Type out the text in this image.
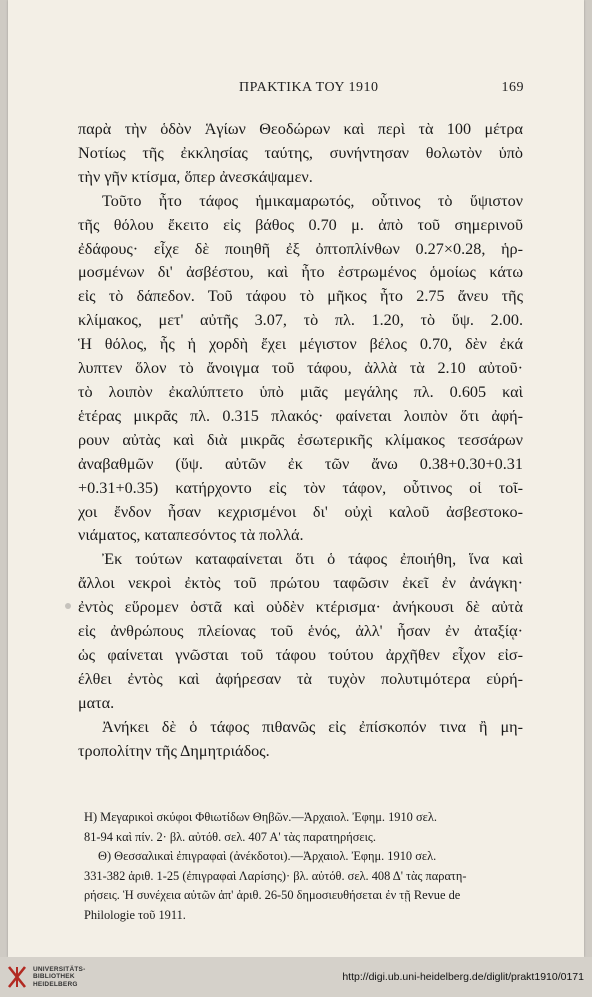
ΠΡΑΚΤΙΚΑ ΤΟΥ 1910	169
παρὰ τὴν ὁδὸν Ἁγίων Θεοδώρων καὶ περὶ τὰ 100 μέτρα
Νοτίως τῆς ἐκκλησίας ταύτης, συνήντησαν θολωτὸν ὑπὸ
τὴν γῆν κτίσμα, ὅπερ ἀνεσκάψαμεν.
Τοῦτο ἦτο τάφος ἡμικαμαρωτός, οὗτινος τὸ ὕψιστον
τῆς θόλου ἔκειτο εἰς βάθος 0.70 μ. ἀπὸ τοῦ σημερινοῦ
ἐδάφους· εἶχε δὲ ποιηθῆ ἐξ ὀπτοπλίνθων 0.27×0.28, ἡρ-
μοσμένων δι' ἀσβέστου, καὶ ἦτο ἐστρωμένος ὁμοίως κάτω
εἰς τὸ δάπεδον. Τοῦ τάφου τὸ μῆκος ἦτο 2.75 ἄνευ τῆς
κλίμακος, μετ' αὐτῆς 3.07, τὸ πλ. 1.20, τὸ ὕψ. 2.00.
Ἡ θόλος, ἧς ἡ χορδὴ ἔχει μέγιστον βέλος 0.70, δὲν ἐκά
λυπτεν ὅλον τὸ ἄνοιγμα τοῦ τάφου, ἀλλὰ τὰ 2.10 αὐτοῦ·
τὸ λοιπὸν ἐκαλύπτετο ὑπὸ μιᾶς μεγάλης πλ. 0.605 καὶ
ἑτέρας μικρᾶς πλ. 0.315 πλακός· φαίνεται λοιπὸν ὅτι ἀφή-
ρουν αὐτὰς καὶ διὰ μικρᾶς ἐσωτερικῆς κλίμακος τεσσάρων
ἀναβαθμῶν (ὕψ. αὐτῶν ἐκ τῶν ἄνω 0.38+0.30+0.31
+0.31+0.35) κατήρχοντο εἰς τὸν τάφον, οὗτινος οἱ τοῖ-
χοι ἔνδον ἦσαν κεχρισμένοι δι' οὐχὶ καλοῦ ἀσβεστοκο-
νιάματος, καταπεσόντος τὰ πολλά.
Ἐκ τούτων καταφαίνεται ὅτι ὁ τάφος ἐποιήθη, ἵνα καὶ
ἄλλοι νεκροὶ ἐκτὸς τοῦ πρώτου ταφῶσιν ἐκεῖ ἐν ἀνάγκη·
ἐντὸς εὕρομεν ὀστᾶ καὶ οὐδὲν κτέρισμα· ἀνήκουσι δὲ αὐτὰ
εἰς ἀνθρώπους πλείονας τοῦ ἑνός, ἀλλ' ἦσαν ἐν ἀταξίᾳ·
ὡς φαίνεται γνῶσται τοῦ τάφου τούτου ἀρχῆθεν εἶχον εἰσ-
έλθει ἐντὸς καὶ ἀφήρεσαν τὰ τυχὸν πολυτιμότερα εὑρή-
ματα.
Ἀνήκει δὲ ὁ τάφος πιθανῶς εἰς ἐπίσκοπόν τινα ἢ μη-
τροπολίτην τῆς Δημητριάδος.
Η) Μεγαρικοὶ σκύφοι Φθιωτίδων Θηβῶν.—Ἀρχαιολ. Ἐφημ. 1910 σελ.
81-94 καὶ πίν. 2· βλ. αὐτόθ. σελ. 407 Α' τὰς παρατηρήσεις.
Θ) Θεσσαλικαὶ ἐπιγραφαὶ (ἀνέκδοτοι).—Ἀρχαιολ. Ἐφημ. 1910 σελ.
331-382 ἀριθ. 1-25 (ἐπιγραφαὶ Λαρίσης)· βλ. αὐτόθ. σελ. 408 Δ' τὰς παρατη-
ρήσεις. Ἡ συνέχεια αὐτῶν ἀπ' ἀριθ. 26-50 δημοσιευθήσεται ἐν τῇ Revue de
Philologie τοῦ 1911.
UNIVERSITÄTS-
BIBLIOTHEK
HEIDELBERG
http://digi.ub.uni-heidelberg.de/diglit/prakt1910/0171
